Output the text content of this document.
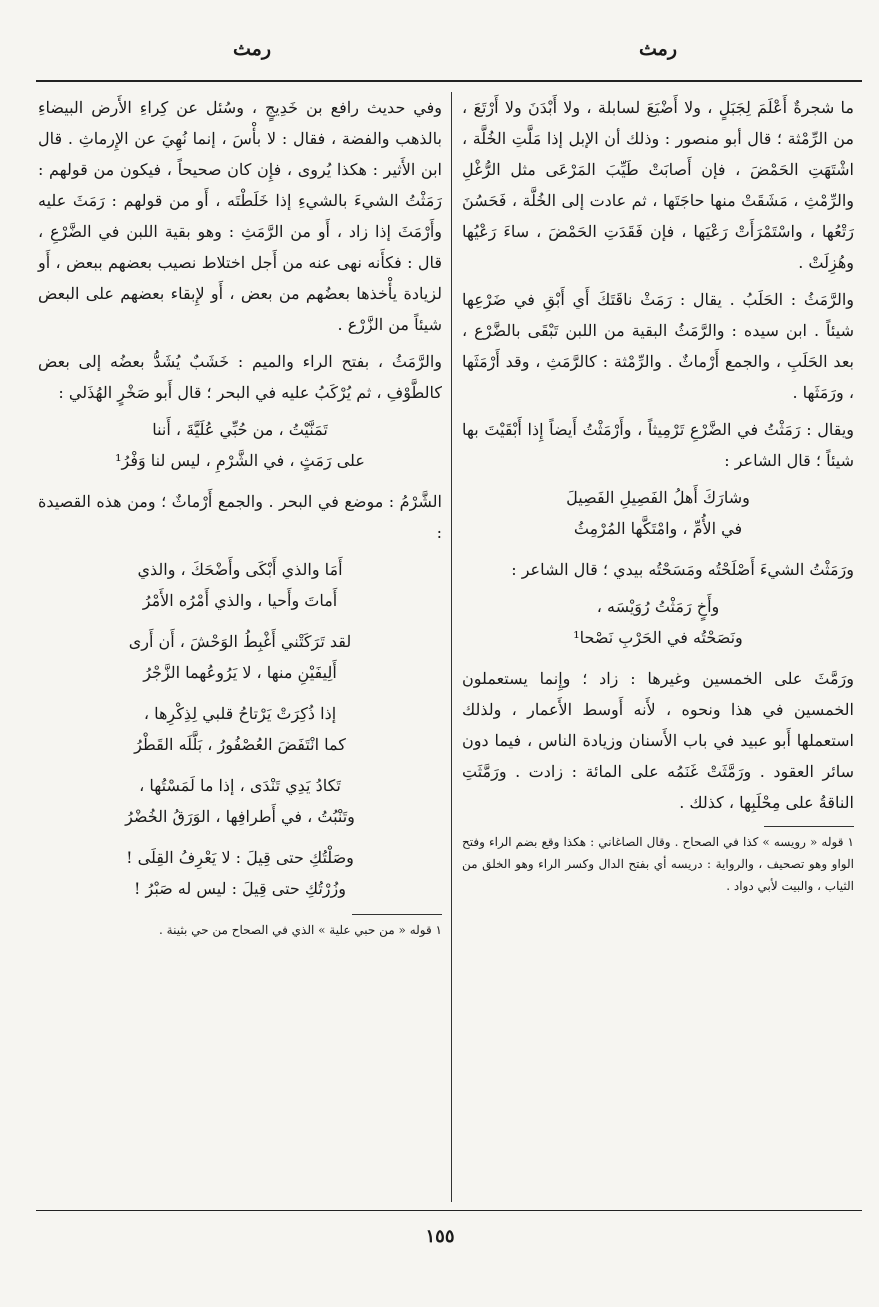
رمث
رمث

ما شجرةٌ أَعْلَمَ لِجَبَلٍ ، ولا أَضْيَعَ لسابلة ، ولا أَبْدَنَ ولا أَرْتَعَ ، من الرِّمْثة ؛ قال أبو منصور : وذلك أن الإبل إذا مَلَّتِ الخُلَّة ، اشْتَهَتِ الحَمْضَ ، فإن أَصابَتْ طَيِّبَ المَرْعَى مثل الرُّغْلِ والرِّمْثِ ، مَشَقَتْ منها حاجَتَها ، ثم عادت إلى الخُلَّة ، فَحَسُنَ رَتْعُها ، واسْتَمْرَأَتْ رَعْيَها ، فإن فَقَدَتِ الحَمْضَ ، ساءَ رَعْيُها وهُزِلَتْ .

والرَّمَثُ : الحَلَبُ . يقال : رَمَثْ ناقَتَكَ أَي أَبْقِ في ضَرْعِها شيئاً . ابن سيده : والرَّمَثُ البقية من اللبن تَبْقَى بالضَّرْع ، بعد الحَلَبِ ، والجمع أَرْماثٌ . والرِّمْثة : كالرَّمَثِ ، وقد أَرْمَثَها ، ورَمَثَها .

ويقال : رَمَثْتُ في الضَّرْعِ تَرْمِيثاً ، وأَرْمَثْتُ أَيضاً إِذا أَبْقَيْتَ بها شيئاً ؛ قال الشاعر :

وشارَكَ أَهلُ الفَصِيلِ الفَصِيلَ
في الأُمِّ ، وامْتَكَّها المُرْمِثُ

ورَمَثْتُ الشيءَ أَصْلَحْتُه ومَسَحْتُه بيدي ؛ قال الشاعر :

وأَخٍ رَمَثْتُ رُوَيْسَه ،
ونَصَحْتُه في الحَرْبِ نَصْحا¹

ورَمَّثَ على الخمسين وغيرها : زاد ؛ وإِنما يستعملون الخمسين في هذا ونحوه ، لأَنه أَوسط الأَعمار ، ولذلك استعملها أَبو عبيد في باب الأَسنان وزيادة الناس ، فيما دون سائر العقود . ورَمَّثَتْ غَنَمُه على المائة : زادت . ورَمَّثَتِ الناقةُ على مِحْلَبِها ، كذلك .

١ قوله « رويسه » كذا في الصحاح . وقال الصاغاني : هكذا وقع بضم الراء وفتح الواو وهو تصحيف ، والرواية : دريسه أي بفتح الدال وكسر الراء وهو الخلق من الثياب ، والبيت لأبي دواد .

وفي حديث رافع بن خَدِيجٍ ، وسُئل عن كِراءِ الأَرض البيضاءِ بالذهب والفضة ، فقال : لا بأْسَ ، إنما نُهِيَ عن الإِرماثِ . قال ابن الأَثير : هكذا يُروى ، فإِن كان صحيحاً ، فيكون من قولهم : رَمَثْتُ الشيءَ بالشيءِ إذا خَلَطْتَه ، أَو من قولهم : رَمَثَ عليه وأَرْمَثَ إذا زاد ، أَو من الرَّمَثِ : وهو بقية اللبن في الضَّرْعِ ، قال : فكأَنه نهى عنه من أَجل اختلاط نصيب بعضهم ببعض ، أَو لزيادة يأْخذها بعضُهم من بعض ، أَو لإِبقاء بعضهم على البعض شيئاً من الزَّرْع .

والرَّمَثُ ، بفتح الراء والميم : خَشَبٌ يُشَدُّ بعضُه إلى بعض كالطَّوْفِ ، ثم يُرْكَبُ عليه في البحر ؛ قال أَبو صَخْرٍ الهُذَلي :

تَمَنَّيْتُ ، من حُبِّي عُلَيَّةَ ، أَننا
على رَمَثٍ ، في الشَّرْمِ ، ليس لنا وَفْرُ¹

الشَّرْمُ : موضع في البحر . والجمع أَرْماثٌ ؛ ومن هذه القصيدة :

أَمَا والذي أَبْكَى وأَضْحَكَ ، والذي
أَماتَ وأَحيا ، والذي أَمْرُه الأَمْرُ
لقد تَرَكَتْني أَغْبِطُ الوَحْشَ ، أَن أَرى
أَلِيفَيْنِ منها ، لا يَرُوعُهما الزَّجْرُ
إذا ذُكِرَتْ يَرْتاحُ قلبي لِذِكْرِها ،
كما انْتَفَضَ العُصْفُورُ ، بَلَّلَه القَطْرُ
تَكادُ يَدِي تَنْدَى ، إذا ما لَمَسْتُها ،
وتَنْبُتُ ، في أَطرافِها ، الوَرَقُ الخُضْرُ
وصَلْتُكِ حتى قِيلَ : لا يَعْرِفُ القِلَى !
وزُرْتُكِ حتى قِيلَ : ليس له صَبْرُ !

١ قوله « من حبي علية » الذي في الصحاح من حي بثينة .

١٥٥
